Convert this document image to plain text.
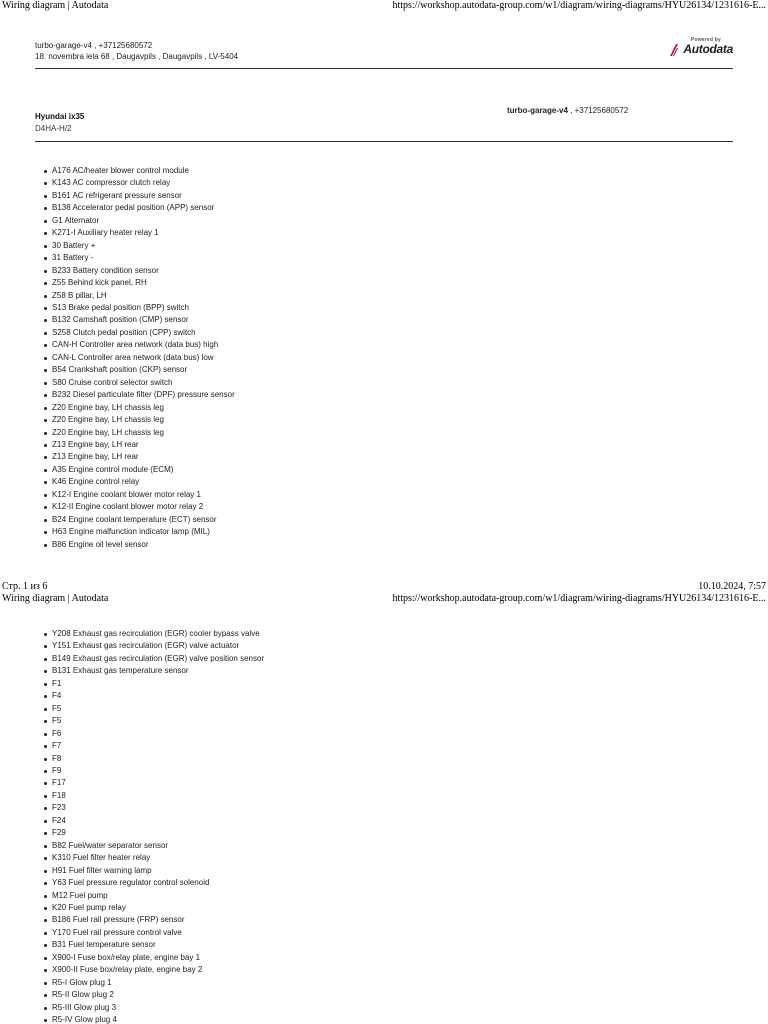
Wiring diagram | Autodata	https://workshop.autodata-group.com/w1/diagram/wiring-diagrams/HYU26134/1231616-E...
turbo-garage-v4 , +37125680572
18. novembra iela 68 , Daugavpils , Daugavpils , LV-5404
Powered by
Autodata
Hyundai ix35
D4HA-H/2
turbo-garage-v4 , +37125680572
A176 AC/heater blower control module
K143 AC compressor clutch relay
B161 AC refrigerant pressure sensor
B138 Accelerator pedal position (APP) sensor
G1 Alternator
K271-I Auxiliary heater relay 1
30 Battery +
31 Battery -
B233 Battery condition sensor
Z55 Behind kick panel, RH
Z58 B pillar, LH
S13 Brake pedal position (BPP) switch
B132 Camshaft position (CMP) sensor
S258 Clutch pedal position (CPP) switch
CAN-H Controller area network (data bus) high
CAN-L Controller area network (data bus) low
B54 Crankshaft position (CKP) sensor
S80 Cruise control selector switch
B232 Diesel particulate filter (DPF) pressure sensor
Z20 Engine bay, LH chassis leg
Z20 Engine bay, LH chassis leg
Z20 Engine bay, LH chassis leg
Z13 Engine bay, LH rear
Z13 Engine bay, LH rear
A35 Engine control module (ECM)
K46 Engine control relay
K12-I Engine coolant blower motor relay 1
K12-II Engine coolant blower motor relay 2
B24 Engine coolant temperature (ECT) sensor
H63 Engine malfunction indicator lamp (MIL)
B86 Engine oil level sensor
Стр. 1 из 6	10.10.2024, 7:57
Wiring diagram | Autodata	https://workshop.autodata-group.com/w1/diagram/wiring-diagrams/HYU26134/1231616-E...
Y208 Exhaust gas recirculation (EGR) cooler bypass valve
Y151 Exhaust gas recirculation (EGR) valve actuator
B149 Exhaust gas recirculation (EGR) valve position sensor
B131 Exhaust gas temperature sensor
F1
F4
F5
F5
F6
F7
F8
F9
F17
F18
F23
F24
F29
B82 Fuel/water separator sensor
K310 Fuel filter heater relay
H91 Fuel filter warning lamp
Y63 Fuel pressure regulator control solenoid
M12 Fuel pump
K20 Fuel pump relay
B186 Fuel rail pressure (FRP) sensor
Y170 Fuel rail pressure control valve
B31 Fuel temperature sensor
X900-I Fuse box/relay plate, engine bay 1
X900-II Fuse box/relay plate, engine bay 2
R5-I Glow plug 1
R5-II Glow plug 2
R5-III Glow plug 3
R5-IV Glow plug 4
